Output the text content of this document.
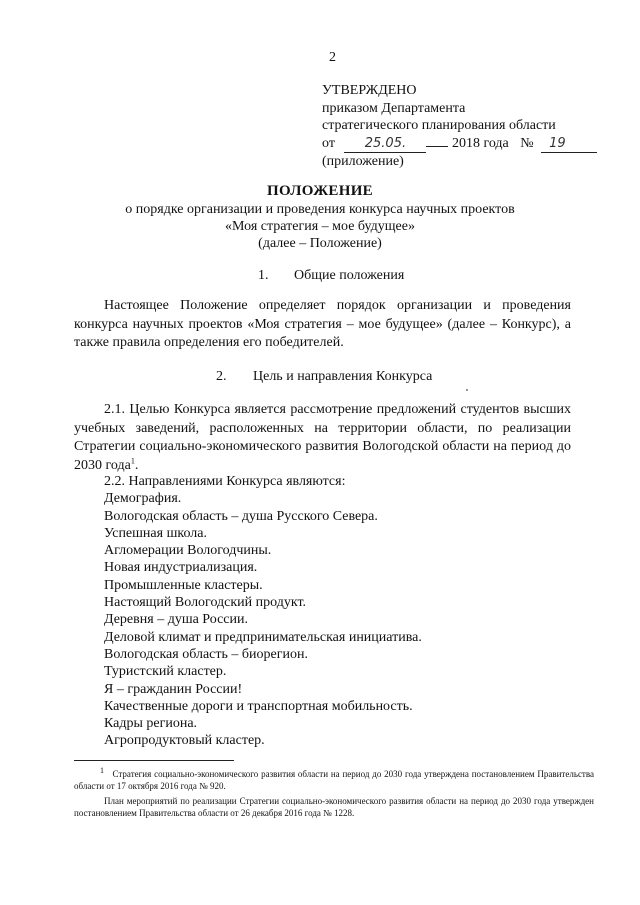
2
УТВЕРЖДЕНО
приказом Департамента
стратегического планирования области
от 25.05.	2018 года № 19
(приложение)
ПОЛОЖЕНИЕ
о порядке организации и проведения конкурса научных проектов
«Моя стратегия – мое будущее»
(далее – Положение)
1. Общие положения
Настоящее Положение определяет порядок организации и проведения конкурса научных проектов «Моя стратегия – мое будущее» (далее – Конкурс), а также правила определения его победителей.
2. Цель и направления Конкурса
2.1. Целью Конкурса является рассмотрение предложений студентов высших учебных заведений, расположенных на территории области, по реализации Стратегии социально-экономического развития Вологодской области на период до 2030 года$^1$.
2.2. Направлениями Конкурса являются:
Демография.
Вологодская область – душа Русского Севера.
Успешная школа.
Агломерации Вологодчины.
Новая индустриализация.
Промышленные кластеры.
Настоящий Вологодский продукт.
Деревня – душа России.
Деловой климат и предпринимательская инициатива.
Вологодская область – биорегион.
Туристский кластер.
Я – гражданин России!
Качественные дороги и транспортная мобильность.
Кадры региона.
Агропродуктовый кластер.
$^1$ Стратегия социально-экономического развития области на период до 2030 года утверждена постановлением Правительства области от 17 октября 2016 года № 920.
План мероприятий по реализации Стратегии социально-экономического развития области на период до 2030 года утвержден постановлением Правительства области от 26 декабря 2016 года № 1228.
